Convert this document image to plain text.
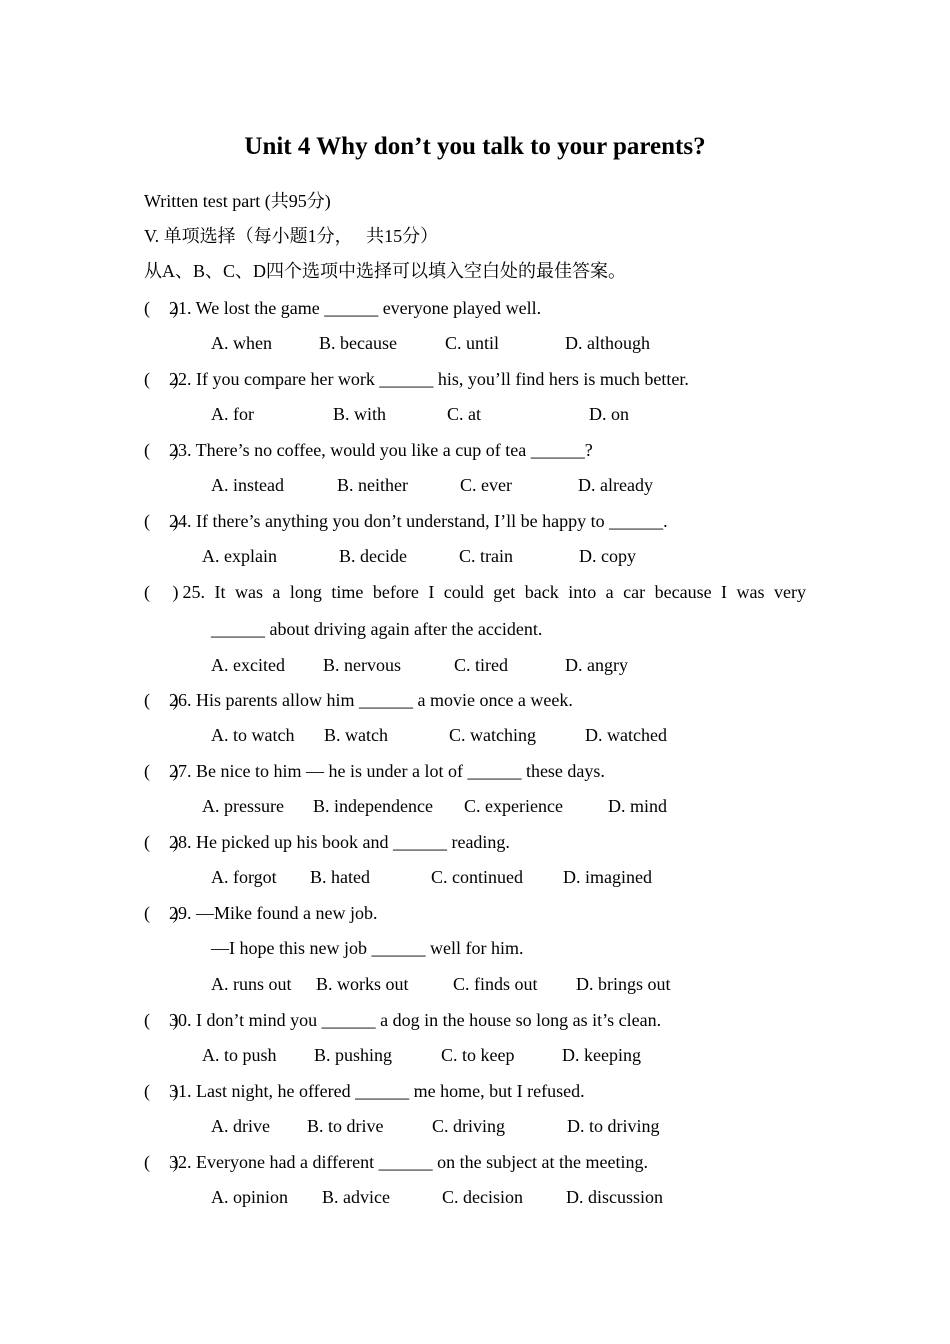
Unit 4 Why don’t you talk to your parents?
Written test part (共95分)
V. 单项选择（每小题1分，　 共15分）
从A、B、C、D四个选项中选择可以填入空白处的最佳答案。
(　 )
21. We lost the game ______ everyone played well.
A. when	B. because	C. until	D. although
(　 )
22. If you compare her work ______ his, you’ll find hers is much better.
A. for	B. with	C. at	D. on
(　 )
23. There’s no coffee, would you like a cup of tea ______?
A. instead	B. neither	C. ever	D. already
(　 )
24. If there’s anything you don’t understand, I’ll be happy to ______.
A. explain	B. decide	C. train	D. copy
(　 ) 25. It was a long time before I could get back into a car because I was very
______ about driving again after the accident.
A. excited B. nervous	C. tired	D. angry
(　 )
26. His parents allow him ______ a movie once a week.
A. to watch B. watch	C. watching	D. watched
(　 )
27. Be nice to him — he is under a lot of ______ these days.
A. pressure B. independence C. experience	D. mind
(　 )
28. He picked up his book and ______ reading.
A. forgot B. hated	C. continued D. imagined
(　 )
29. —Mike found a new job.
—I hope this new job ______ well for him.
A. runs out B. works out C. finds out D. brings out
(　 )
30. I don’t mind you ______ a dog in the house so long as it’s clean.
A. to push B. pushing	C. to keep	D. keeping
(　 )
31. Last night, he offered ______ me home, but I refused.
A. drive B. to drive	C. driving	D. to driving
(　 )
32. Everyone had a different ______ on the subject at the meeting.
A. opinion B. advice	C. decision D. discussion
